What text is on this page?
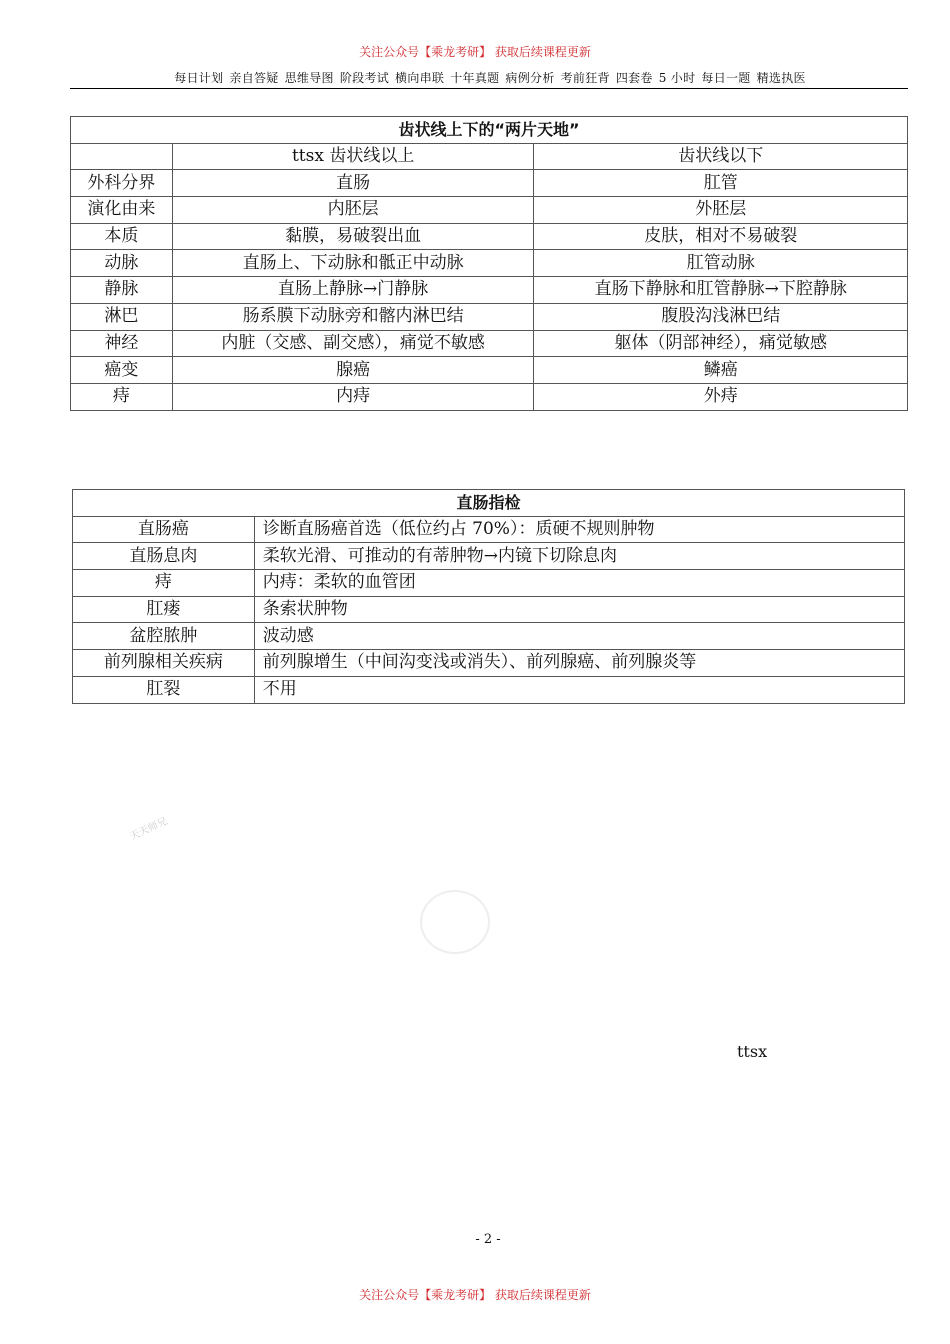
关注公众号【乘龙考研】 获取后续课程更新
每日计划 亲自答疑 思维导图 阶段考试 横向串联 十年真题 病例分析 考前狂背 四套卷 5 小时 每日一题 精选执医
齿状线上下的“两片天地”		
	ttsx 齿状线以上	齿状线以下
外科分界	直肠	肛管
演化由来	内胚层	外胚层
本质	黏膜，易破裂出血	皮肤，相对不易破裂
动脉	直肠上、下动脉和骶正中动脉	肛管动脉
静脉	直肠上静脉→门静脉	直肠下静脉和肛管静脉→下腔静脉
淋巴	肠系膜下动脉旁和髂内淋巴结	腹股沟浅淋巴结
神经	内脏（交感、副交感），痛觉不敏感	躯体（阴部神经），痛觉敏感
癌变	腺癌	鳞癌
痔	内痔	外痔
直肠指检	
直肠癌	诊断直肠癌首选（低位约占 70%）：质硬不规则肿物
直肠息肉	柔软光滑、可推动的有蒂肿物→内镜下切除息肉
痔	内痔：柔软的血管团
肛瘘	条索状肿物
盆腔脓肿	波动感
前列腺相关疾病	前列腺增生（中间沟变浅或消失）、前列腺癌、前列腺炎等
肛裂	不用
天天师兄
ttsx
- 2 -
关注公众号【乘龙考研】 获取后续课程更新
